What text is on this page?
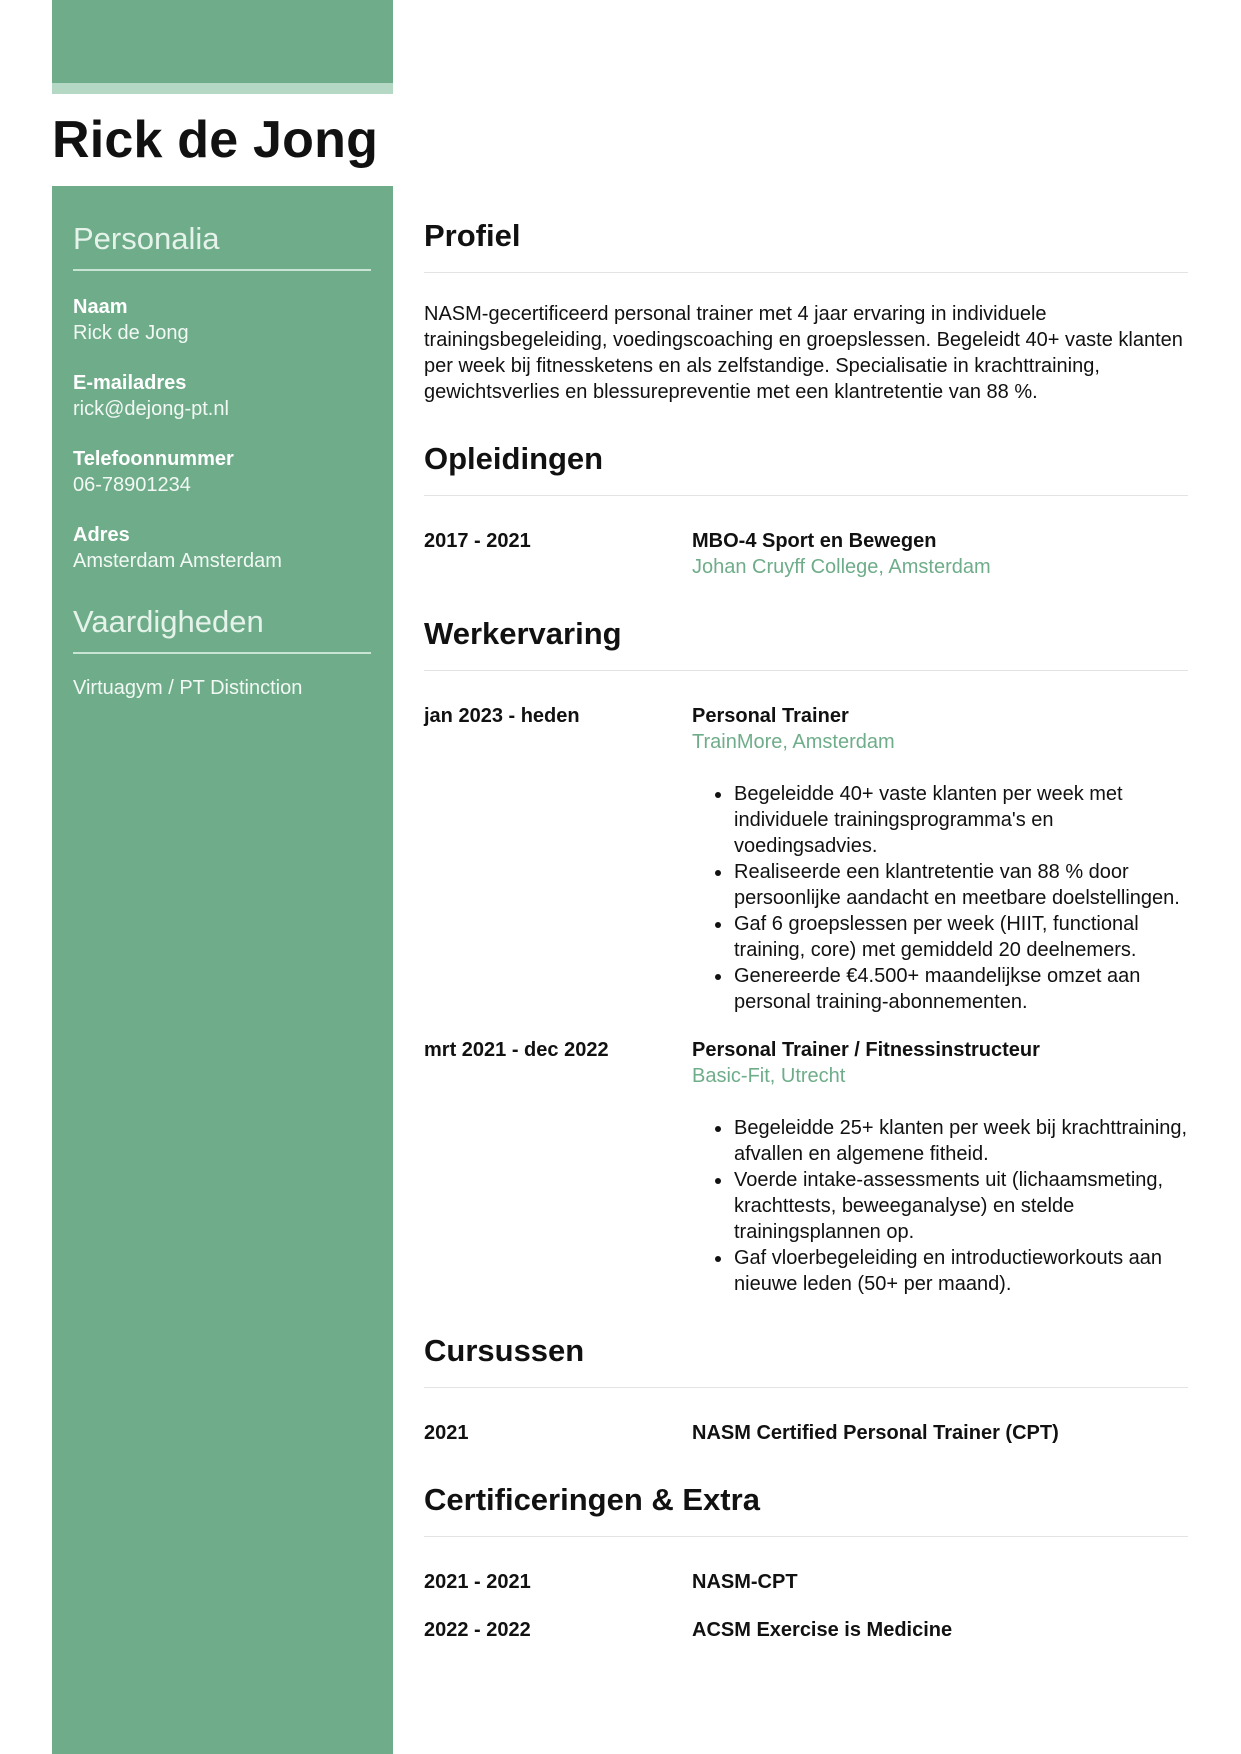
Rick de Jong
Personalia
Naam
Rick de Jong
E-mailadres
rick@dejong-pt.nl
Telefoonnummer
06-78901234
Adres
Amsterdam Amsterdam
Vaardigheden
Virtuagym / PT Distinction
Profiel
NASM-gecertificeerd personal trainer met 4 jaar ervaring in individuele trainingsbegeleiding, voedingscoaching en groepslessen. Begeleidt 40+ vaste klanten per week bij fitnessketens en als zelfstandige. Specialisatie in krachttraining, gewichtsverlies en blessurepreventie met een klantretentie van 88 %.
Opleidingen
2017 - 2021	MBO-4 Sport en Bewegen
Johan Cruyff College, Amsterdam
Werkervaring
jan 2023 - heden	Personal Trainer
TrainMore, Amsterdam
• Begeleidde 40+ vaste klanten per week met individuele trainingsprogramma's en voedingsadvies.
• Realiseerde een klantretentie van 88 % door persoonlijke aandacht en meetbare doelstellingen.
• Gaf 6 groepslessen per week (HIIT, functional training, core) met gemiddeld 20 deelnemers.
• Genereerde €4.500+ maandelijkse omzet aan personal training-abonnementen.
mrt 2021 - dec 2022	Personal Trainer / Fitnessinstructeur
Basic-Fit, Utrecht
• Begeleidde 25+ klanten per week bij krachttraining, afvallen en algemene fitheid.
• Voerde intake-assessments uit (lichaamsmeting, krachttests, beweeganalyse) en stelde trainingsplannen op.
• Gaf vloerbegeleiding en introductieworkouts aan nieuwe leden (50+ per maand).
Cursussen
2021	NASM Certified Personal Trainer (CPT)
Certificeringen & Extra
2021 - 2021	NASM-CPT
2022 - 2022	ACSM Exercise is Medicine
